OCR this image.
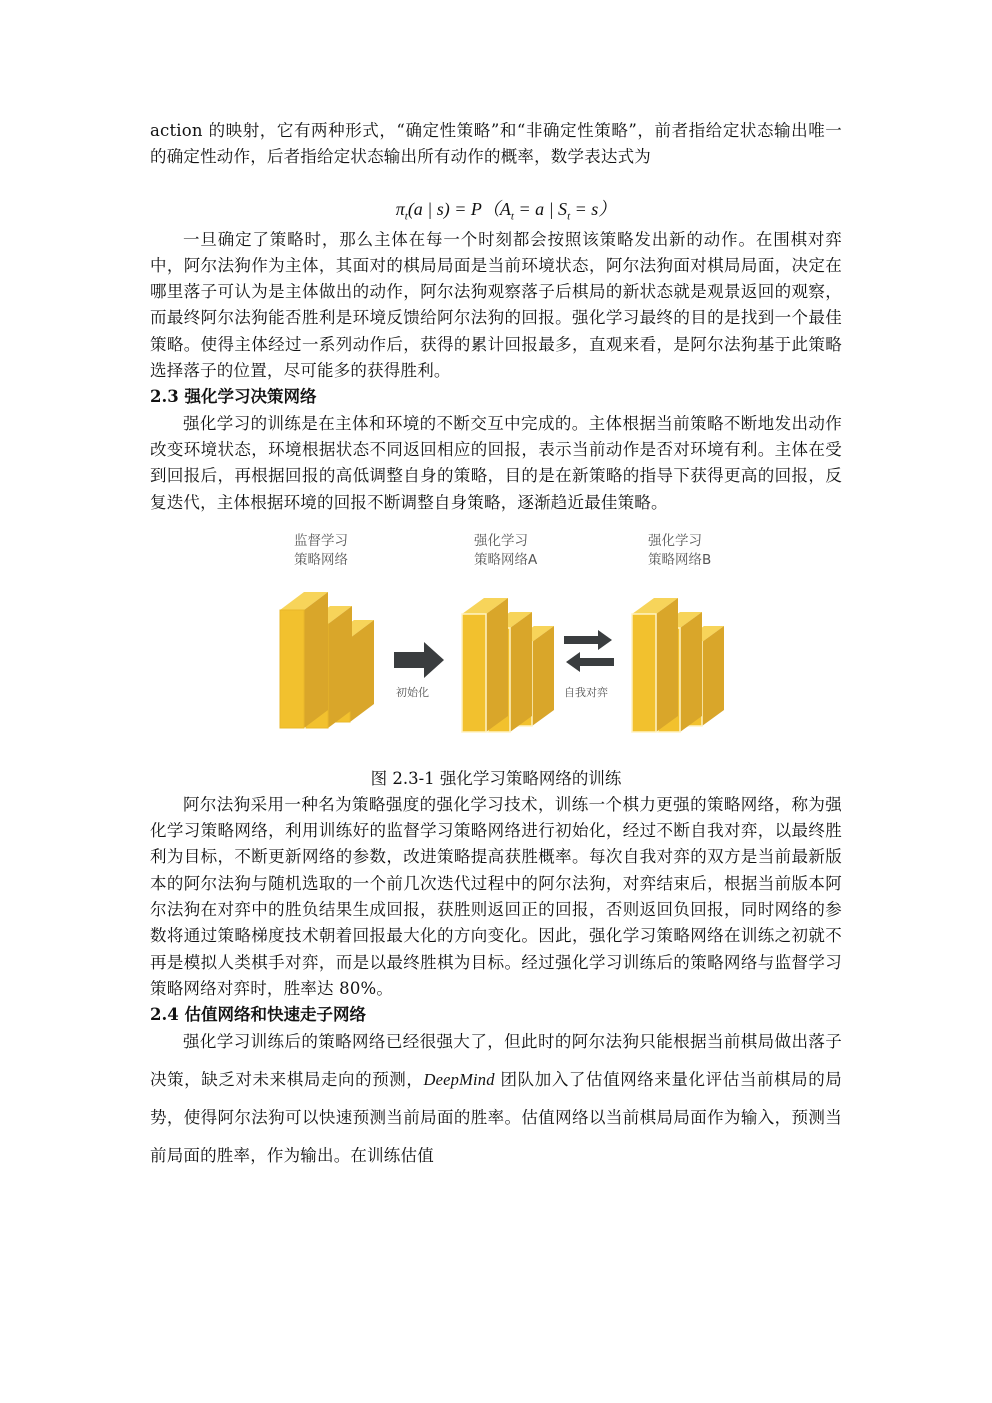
action 的映射，它有两种形式，“确定性策略”和“非确定性策略”，前者指给定状态输出唯一的确定性动作，后者指给定状态输出所有动作的概率，数学表达式为

$\pi_t(a$ | $s) = P(A_t = a$ | $S_t = s$）

一旦确定了策略时，那么主体在每一个时刻都会按照该策略发出新的动作。在围棋对弈中，阿尔法狗作为主体，其面对的棋局局面是当前环境状态，阿尔法狗面对棋局局面，决定在哪里落子可认为是主体做出的动作，阿尔法狗观察落子后棋局的新状态就是观景返回的观察，而最终阿尔法狗能否胜利是环境反馈给阿尔法狗的回报。强化学习最终的目的是找到一个最佳策略。使得主体经过一系列动作后，获得的累计回报最多，直观来看，是阿尔法狗基于此策略选择落子的位置，尽可能多的获得胜利。

2.3 强化学习决策网络

强化学习的训练是在主体和环境的不断交互中完成的。主体根据当前策略不断地发出动作改变环境状态，环境根据状态不同返回相应的回报，表示当前动作是否对环境有利。主体在受到回报后，再根据回报的高低调整自身的策略，目的是在新策略的指导下获得更高的回报，反复迭代，主体根据环境的回报不断调整自身策略，逐渐趋近最佳策略。

监督学习
策略网络
强化学习
策略网络A
强化学习
策略网络B
初始化	自我对弈

图 2.3-1 强化学习策略网络的训练

阿尔法狗采用一种名为策略强度的强化学习技术，训练一个棋力更强的策略网络，称为强化学习策略网络，利用训练好的监督学习策略网络进行初始化，经过不断自我对弈，以最终胜利为目标，不断更新网络的参数，改进策略提高获胜概率。每次自我对弈的双方是当前最新版本的阿尔法狗与随机选取的一个前几次迭代过程中的阿尔法狗，对弈结束后，根据当前版本阿尔法狗在对弈中的胜负结果生成回报，获胜则返回正的回报，否则返回负回报，同时网络的参数将通过策略梯度技术朝着回报最大化的方向变化。因此，强化学习策略网络在训练之初就不再是模拟人类棋手对弈，而是以最终胜棋为目标。经过强化学习训练后的策略网络与监督学习策略网络对弈时，胜率达 80%。

2.4 估值网络和快速走子网络

强化学习训练后的策略网络已经很强大了，但此时的阿尔法狗只能根据当前棋局做出落子决策，缺乏对未来棋局走向的预测，DeepMind 团队加入了估值网络来量化评估当前棋局的局势，使得阿尔法狗可以快速预测当前局面的胜率。估值网络以当前棋局局面作为输入，预测当前局面的胜率，作为输出。在训练估值
